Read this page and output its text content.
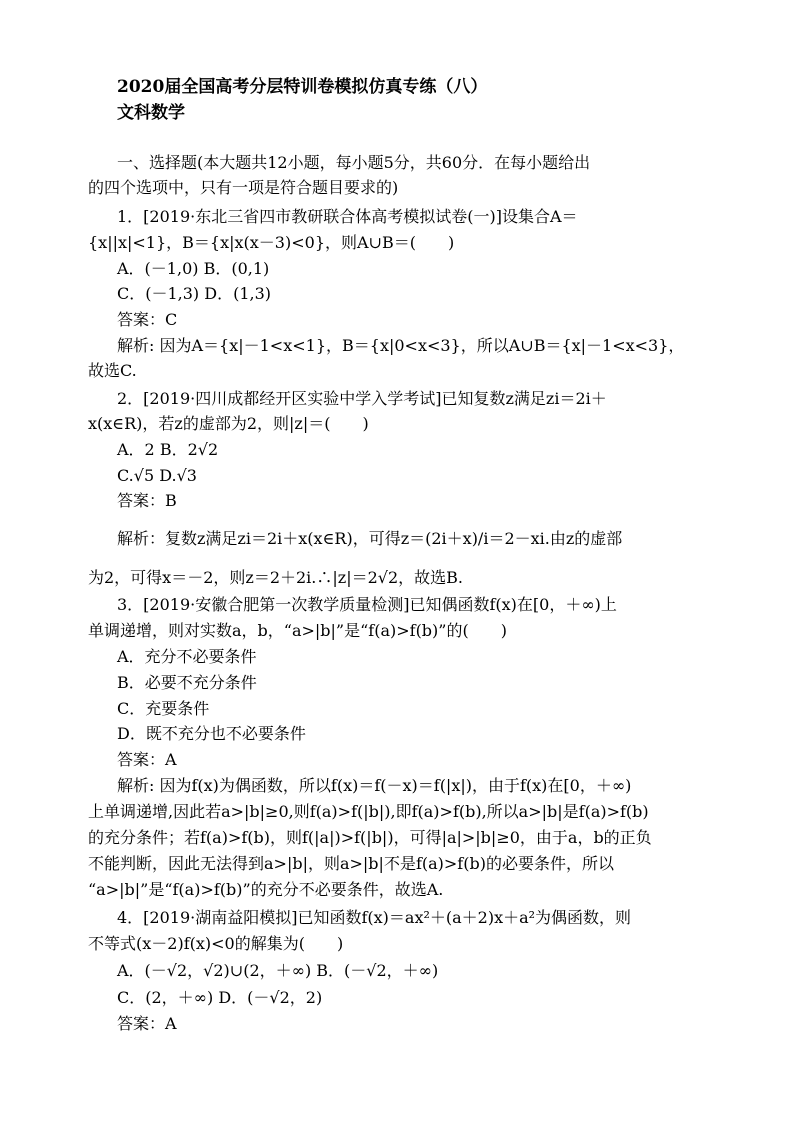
2020届全国高考分层特训卷模拟仿真专练（八）
文科数学
一、选择题(本大题共12小题，每小题5分，共60分．在每小题给出
的四个选项中，只有一项是符合题目要求的)
1．[2019·东北三省四市教研联合体高考模拟试卷(一)]设集合A＝
{x||x|<1}，B＝{x|x(x－3)<0}，则A∪B＝(　　)
A．(－1,0) B．(0,1)
C．(－1,3) D．(1,3)
答案：C
解析: 因为A＝{x|－1<x<1}，B＝{x|0<x<3}，所以A∪B＝{x|－1<x<3}，
故选C.
2．[2019·四川成都经开区实验中学入学考试]已知复数z满足zi＝2i＋
x(x∈R)，若z的虚部为2，则|z|＝(　　)
A．2 B．2√2
C.√5 D.√3
答案：B
解析：复数z满足zi＝2i＋x(x∈R)，可得z＝(2i＋x)/i＝2－xi.由z的虚部
为2，可得x＝－2，则z＝2＋2i.∴|z|＝2√2，故选B.
3．[2019·安徽合肥第一次教学质量检测]已知偶函数f(x)在[0，＋∞)上
单调递增，则对实数a，b，“a>|b|”是“f(a)>f(b)”的(　　)
A．充分不必要条件
B．必要不充分条件
C．充要条件
D．既不充分也不必要条件
答案：A
解析: 因为f(x)为偶函数，所以f(x)＝f(－x)＝f(|x|)，由于f(x)在[0，＋∞)
上单调递增,因此若a>|b|≥0,则f(a)>f(|b|),即f(a)>f(b),所以a>|b|是f(a)>f(b)
的充分条件；若f(a)>f(b)，则f(|a|)>f(|b|)，可得|a|>|b|≥0，由于a，b的正负
不能判断，因此无法得到a>|b|，则a>|b|不是f(a)>f(b)的必要条件，所以
“a>|b|”是“f(a)>f(b)”的充分不必要条件，故选A.
4．[2019·湖南益阳模拟]已知函数f(x)＝ax²＋(a＋2)x＋a²为偶函数，则
不等式(x－2)f(x)<0的解集为(　　)
A．(－√2，√2)∪(2，＋∞) B．(－√2，＋∞)
C．(2，＋∞) D．(－√2，2)
答案：A
